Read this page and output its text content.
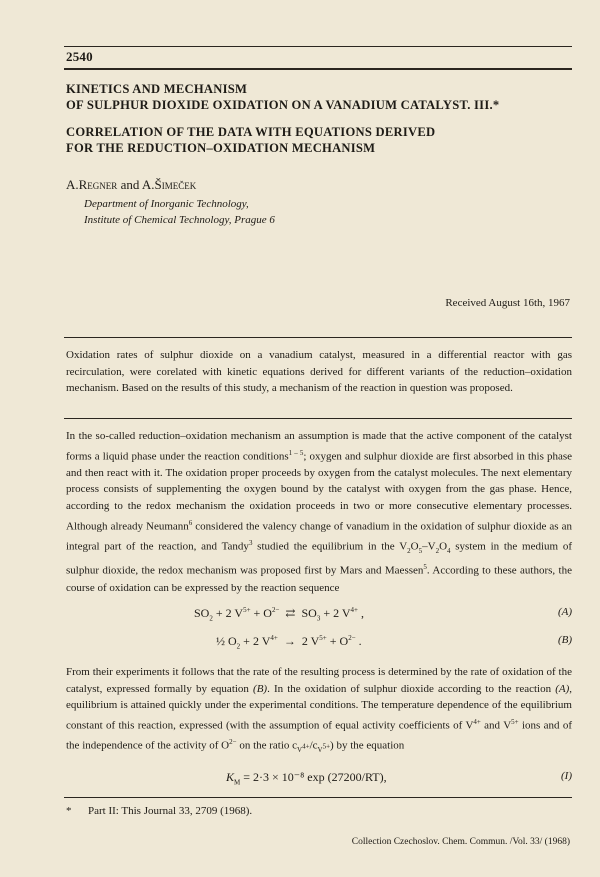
2540
KINETICS AND MECHANISM
OF SULPHUR DIOXIDE OXIDATION ON A VANADIUM CATALYST. III.*
CORRELATION OF THE DATA WITH EQUATIONS DERIVED
FOR THE REDUCTION–OXIDATION MECHANISM
A.Regner and A.Šimeček
Department of Inorganic Technology,
Institute of Chemical Technology, Prague 6
Received August 16th, 1967
Oxidation rates of sulphur dioxide on a vanadium catalyst, measured in a differential reactor with gas recirculation, were corelated with kinetic equations derived for different variants of the reduction–oxidation mechanism. Based on the results of this study, a mechanism of the reaction in question was proposed.
In the so-called reduction–oxidation mechanism an assumption is made that the active component of the catalyst forms a liquid phase under the reaction conditions$^{1 - 5}$; oxygen and sulphur dioxide are first absorbed in this phase and then react with it. The oxidation proper proceeds by oxygen from the catalyst molecules. The next elementary process consists of supplementing the oxygen bound by the catalyst with oxygen from the gas phase. Hence, according to the redox mechanism the oxidation proceeds in two or more consecutive elementary processes. Although already Neumann$^6$ considered the valency change of vanadium in the oxidation of sulphur dioxide as an integral part of the reaction, and Tandy$^3$ studied the equilibrium in the $V_2O_5-V_2O_4$ system in the medium of sulphur dioxide, the redox mechanism was proposed first by Mars and Maessen$^5$. According to these authors, the course of oxidation can be expressed by the reaction sequence
$SO_2 + 2$ $V^{5+} + O^{2-}$  ⇄  $SO_3 + 2$ $V^{4+}$ ,	(A)
½ $O_2 + 2$ $V^{4+} \to 2$ $V^{5+} + O^{2-}$ .	(B)
From their experiments it follows that the rate of the resulting process is determined by the rate of oxidation of the catalyst, expressed formally by equation (B). In the oxidation of sulphur dioxide according to the reaction (A), equilibrium is attained quickly under the experimental conditions. The temperature dependence of the equilibrium constant of this reaction, expressed (with the assumption of equal activity coefficients of $V^{4+}$ and $V^{5+}$ ions and of the independence of the activity of $O^{2-}$ on the ratio $c_{V^{4+}}/c_{V^{5+}}$) by the equation
$K_M = 2\cdot 3 \times 10^{-8}$ exp (27200/RT),	(I)
* Part II: This Journal 33, 2709 (1968).
Collection Czechoslov. Chem. Commun. /Vol. 33/ (1968)
